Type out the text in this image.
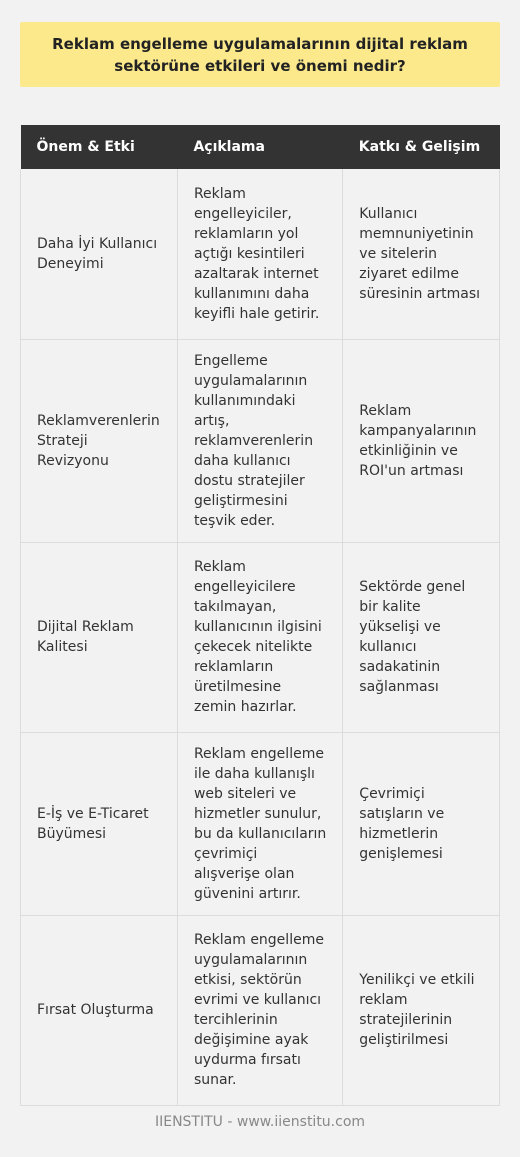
Reklam engelleme uygulamalarının dijital reklam sektörüne etkileri ve önemi nedir?
Önem & Etki	Açıklama	Katkı & Gelişim
Daha İyi Kullanıcı Deneyimi	Reklam engelleyiciler, reklamların yol açtığı kesintileri azaltarak internet kullanımını daha keyifli hale getirir.	Kullanıcı memnuniyetinin ve sitelerin ziyaret edilme süresinin artması
Reklamverenlerin Strateji Revizyonu	Engelleme uygulamalarının kullanımındaki artış, reklamverenlerin daha kullanıcı dostu stratejiler geliştirmesini teşvik eder.	Reklam kampanyalarının etkinliğinin ve ROI'un artması
Dijital Reklam Kalitesi	Reklam engelleyicilere takılmayan, kullanıcının ilgisini çekecek nitelikte reklamların üretilmesine zemin hazırlar.	Sektörde genel bir kalite yükselişi ve kullanıcı sadakatinin sağlanması
E-İş ve E-Ticaret Büyümesi	Reklam engelleme ile daha kullanışlı web siteleri ve hizmetler sunulur, bu da kullanıcıların çevrimiçi alışverişe olan güvenini artırır.	Çevrimiçi satışların ve hizmetlerin genişlemesi
Fırsat Oluşturma	Reklam engelleme uygulamalarının etkisi, sektörün evrimi ve kullanıcı tercihlerinin değişimine ayak uydurma fırsatı sunar.	Yenilikçi ve etkili reklam stratejilerinin geliştirilmesi
IIENSTITU - www.iienstitu.com
